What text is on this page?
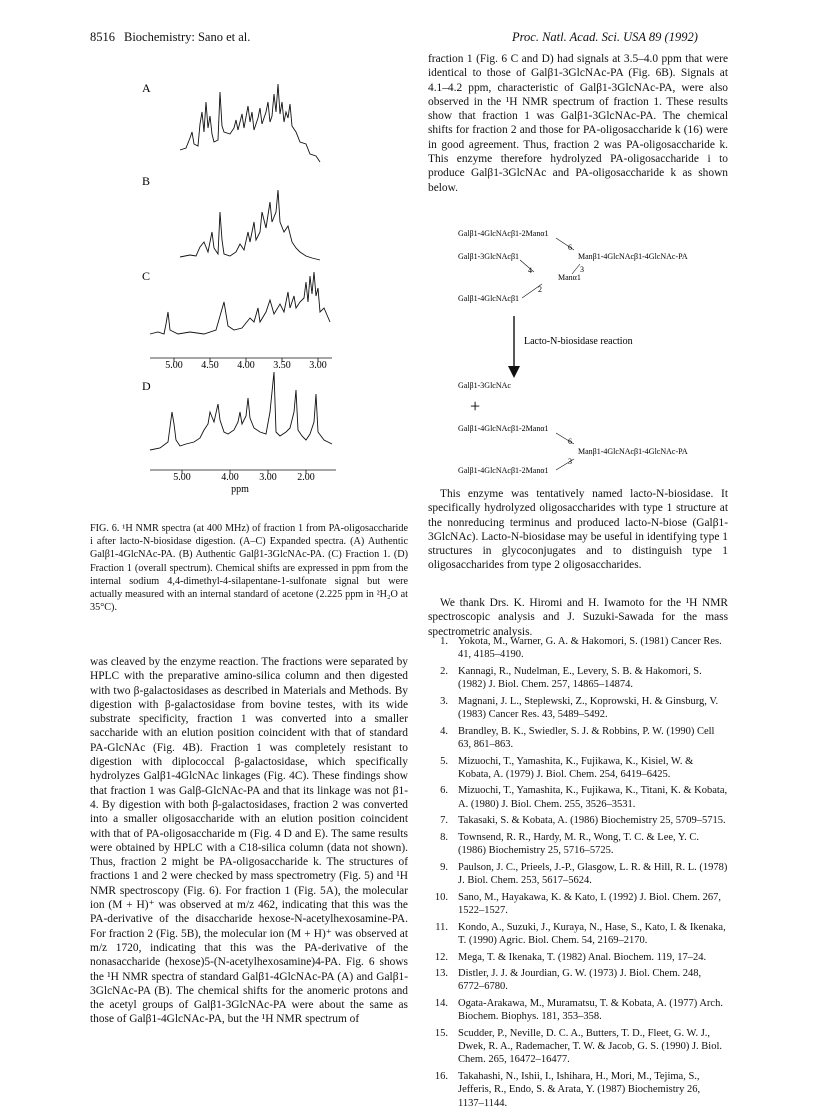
8516 Biochemistry: Sano et al.	Proc. Natl. Acad. Sci. USA 89 (1992)
A
B
C
5.00 4.50 4.00 3.50 3.00
D
5.00	4.00 3.00 2.00
ppm
FIG. 6. ¹H NMR spectra (at 400 MHz) of fraction 1 from PA-oligosaccharide i after lacto-N-biosidase digestion. (A–C) Expanded spectra. (A) Authentic Galβ1-4GlcNAc-PA. (B) Authentic Galβ1-3GlcNAc-PA. (C) Fraction 1. (D) Fraction 1 (overall spectrum). Chemical shifts are expressed in ppm from the internal sodium 4,4-dimethyl-4-silapentane-1-sulfonate signal but were actually measured with an internal standard of acetone (2.225 ppm in ²H₂O at 35°C).
was cleaved by the enzyme reaction. The fractions were separated by HPLC with the preparative amino-silica column and then digested with two β-galactosidases as described in Materials and Methods. By digestion with β-galactosidase from bovine testes, with its wide substrate specificity, fraction 1 was converted into a smaller saccharide with an elution position coincident with that of standard PA-GlcNAc (Fig. 4B). Fraction 1 was completely resistant to digestion with diplococcal β-galactosidase, which specifically hydrolyzes Galβ1-4GlcNAc linkages (Fig. 4C). These findings show that fraction 1 was Galβ-GlcNAc-PA and that its linkage was not β1-4. By digestion with both β-galactosidases, fraction 2 was converted into a smaller oligosaccharide with an elution position coincident with that of PA-oligosaccharide m (Fig. 4 D and E). The same results were obtained by HPLC with a C18-silica column (data not shown). Thus, fraction 2 might be PA-oligosaccharide k. The structures of fractions 1 and 2 were checked by mass spectrometry (Fig. 5) and ¹H NMR spectroscopy (Fig. 6). For fraction 1 (Fig. 5A), the molecular ion (M + H)⁺ was observed at m/z 462, indicating that this was the PA-derivative of the disaccharide hexose-N-acetylhexosamine-PA. For fraction 2 (Fig. 5B), the molecular ion (M + H)⁺ was observed at m/z 1720, indicating that this was the PA-derivative of the nonasaccharide (hexose)5-(N-acetylhexosamine)4-PA. Fig. 6 shows the ¹H NMR spectra of standard Galβ1-4GlcNAc-PA (A) and Galβ1-3GlcNAc-PA (B). The chemical shifts for the anomeric protons and the acetyl groups of Galβ1-3GlcNAc-PA were about the same as those of Galβ1-4GlcNAc-PA, but the ¹H NMR spectrum of
fraction 1 (Fig. 6 C and D) had signals at 3.5–4.0 ppm that were identical to those of Galβ1-3GlcNAc-PA (Fig. 6B). Signals at 4.1–4.2 ppm, characteristic of Galβ1-3GlcNAc-PA, were also observed in the ¹H NMR spectrum of fraction 1. These results show that fraction 1 was Galβ1-3GlcNAc-PA. The chemical shifts for fraction 2 and those for PA-oligosaccharide k (16) were in good agreement. Thus, fraction 2 was PA-oligosaccharide k. This enzyme therefore hydrolyzed PA-oligosaccharide i to produce Galβ1-3GlcNAc and PA-oligosaccharide k as shown below.
Galβ1-4GlcNAcβ1-2Manα1
Galβ1-3GlcNAcβ1	Manβ1-4GlcNAcβ1-4GlcNAc-PA
Manα1
Galβ1-4GlcNAcβ1
6
4	3
2
Lacto-N-biosidase reaction
Galβ1-3GlcNAc
+
Galβ1-4GlcNAcβ1-2Manα1
6
Manβ1-4GlcNAcβ1-4GlcNAc-PA
Galβ1-4GlcNAcβ1-2Manα1
3
This enzyme was tentatively named lacto-N-biosidase. It specifically hydrolyzed oligosaccharides with type 1 structure at the nonreducing terminus and produced lacto-N-biose (Galβ1-3GlcNAc). Lacto-N-biosidase may be useful in identifying type 1 structures in glycoconjugates and to distinguish type 1 oligosaccharides from type 2 oligosaccharides.
We thank Drs. K. Hiromi and H. Iwamoto for the ¹H NMR spectroscopic analysis and J. Suzuki-Sawada for the mass spectrometric analysis.
1. Yokota, M., Warner, G. A. & Hakomori, S. (1981) Cancer Res. 41, 4185–4190.
2. Kannagi, R., Nudelman, E., Levery, S. B. & Hakomori, S. (1982) J. Biol. Chem. 257, 14865–14874.
3. Magnani, J. L., Steplewski, Z., Koprowski, H. & Ginsburg, V. (1983) Cancer Res. 43, 5489–5492.
4. Brandley, B. K., Swiedler, S. J. & Robbins, P. W. (1990) Cell 63, 861–863.
5. Mizuochi, T., Yamashita, K., Fujikawa, K., Kisiel, W. & Kobata, A. (1979) J. Biol. Chem. 254, 6419–6425.
6. Mizuochi, T., Yamashita, K., Fujikawa, K., Titani, K. & Kobata, A. (1980) J. Biol. Chem. 255, 3526–3531.
7. Takasaki, S. & Kobata, A. (1986) Biochemistry 25, 5709–5715.
8. Townsend, R. R., Hardy, M. R., Wong, T. C. & Lee, Y. C. (1986) Biochemistry 25, 5716–5725.
9. Paulson, J. C., Prieels, J.-P., Glasgow, L. R. & Hill, R. L. (1978) J. Biol. Chem. 253, 5617–5624.
10. Sano, M., Hayakawa, K. & Kato, I. (1992) J. Biol. Chem. 267, 1522–1527.
11. Kondo, A., Suzuki, J., Kuraya, N., Hase, S., Kato, I. & Ikenaka, T. (1990) Agric. Biol. Chem. 54, 2169–2170.
12. Mega, T. & Ikenaka, T. (1982) Anal. Biochem. 119, 17–24.
13. Distler, J. J. & Jourdian, G. W. (1973) J. Biol. Chem. 248, 6772–6780.
14. Ogata-Arakawa, M., Muramatsu, T. & Kobata, A. (1977) Arch. Biochem. Biophys. 181, 353–358.
15. Scudder, P., Neville, D. C. A., Butters, T. D., Fleet, G. W. J., Dwek, R. A., Rademacher, T. W. & Jacob, G. S. (1990) J. Biol. Chem. 265, 16472–16477.
16. Takahashi, N., Ishii, I., Ishihara, H., Mori, M., Tejima, S., Jefferis, R., Endo, S. & Arata, Y. (1987) Biochemistry 26, 1137–1144.
